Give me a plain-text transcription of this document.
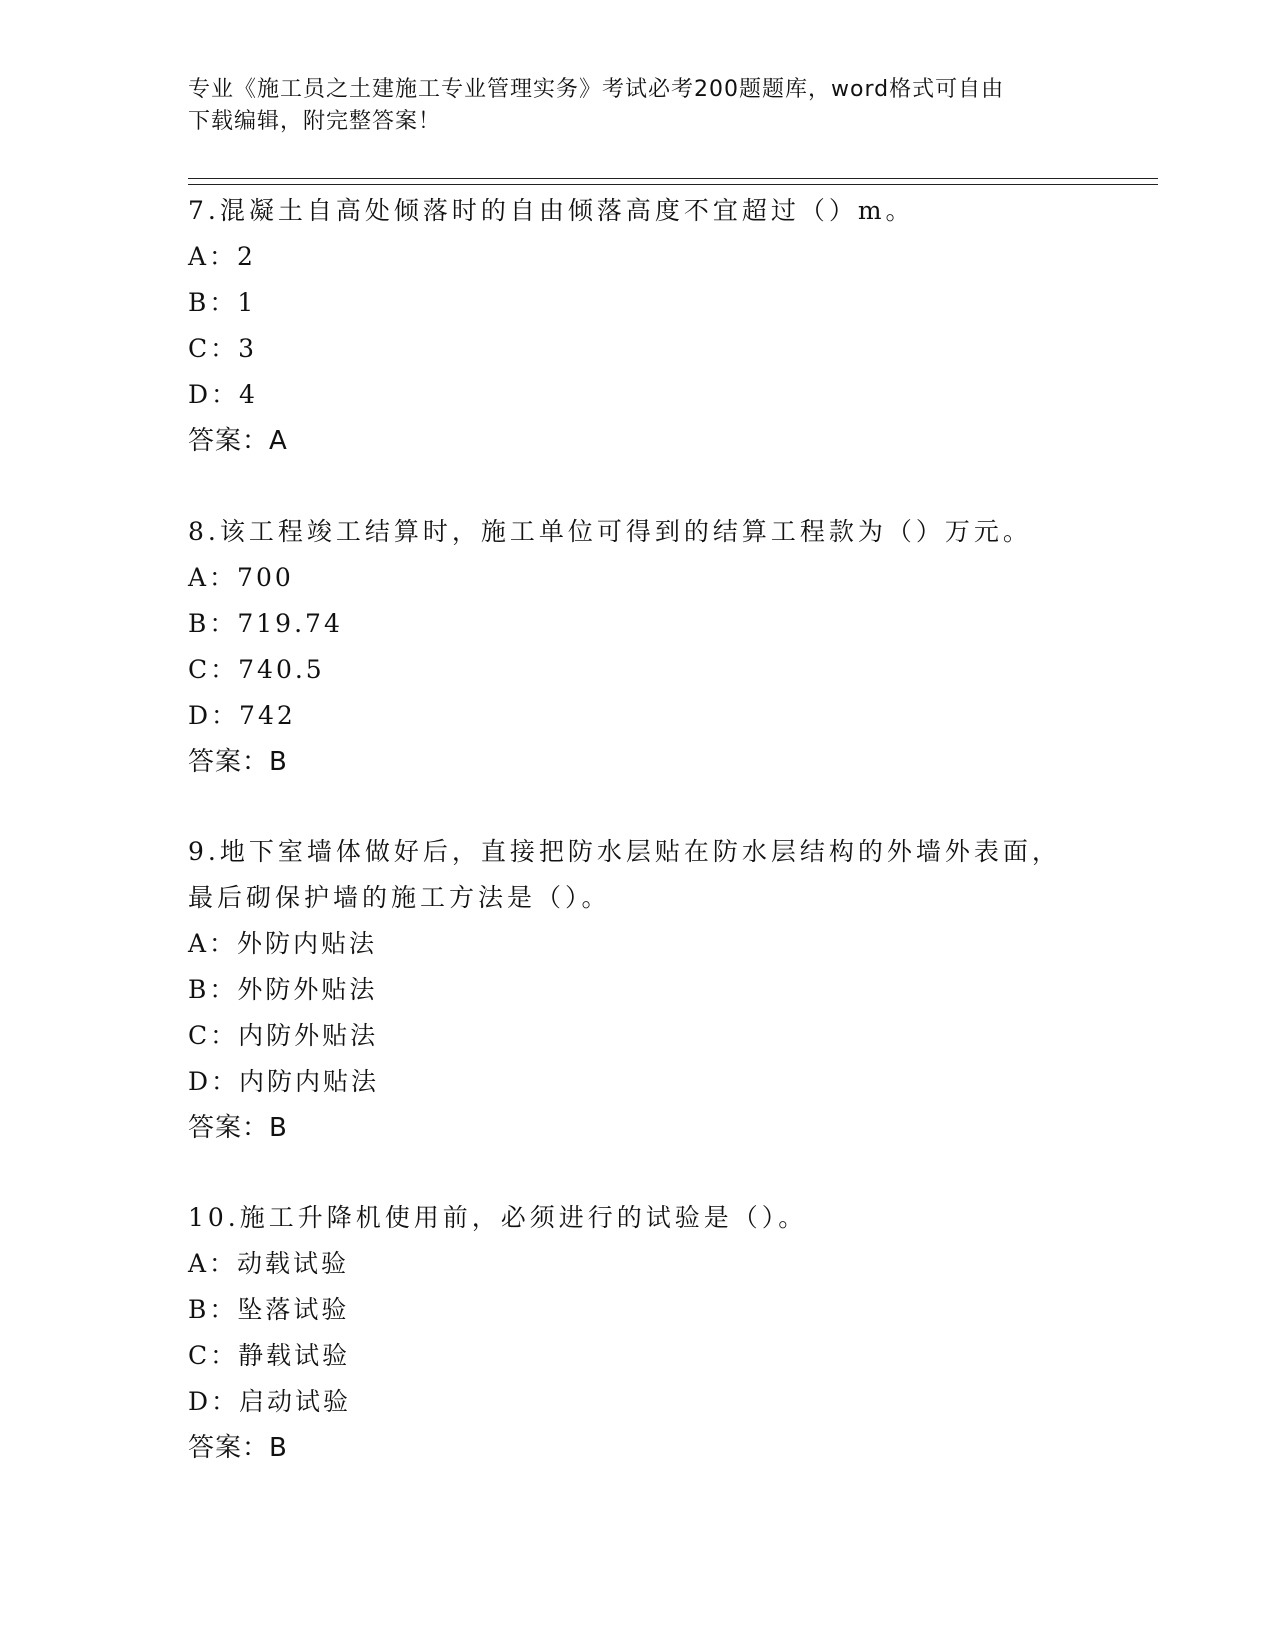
专业《施工员之土建施工专业管理实务》考试必考200题题库，word格式可自由
下载编辑，附完整答案！

7.混凝土自高处倾落时的自由倾落高度不宜超过（）m。

A：2

B：1

C：3

D：4

答案：A

8.该工程竣工结算时，施工单位可得到的结算工程款为（）万元。

A：700

B：719.74

C：740.5

D：742

答案：B

9.地下室墙体做好后，直接把防水层贴在防水层结构的外墙外表面，

最后砌保护墙的施工方法是（）。

A：外防内贴法

B：外防外贴法

C：内防外贴法

D：内防内贴法

答案：B

10.施工升降机使用前，必须进行的试验是（）。

A：动载试验

B：坠落试验

C：静载试验

D：启动试验

答案：B
